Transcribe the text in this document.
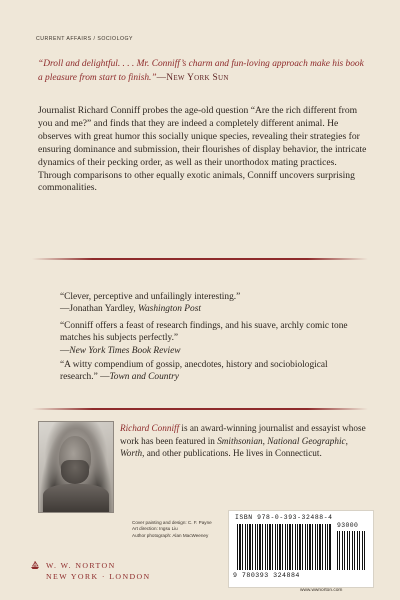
CURRENT AFFAIRS / SOCIOLOGY
“Droll and delightful. . . . Mr. Conniff’s charm and fun-loving approach make his book a pleasure from start to finish.”—New York Sun

Journalist Richard Conniff probes the age-old question “Are the rich different from you and me?” and finds that they are indeed a completely different animal. He observes with great humor this socially unique species, revealing their strategies for ensuring dominance and submission, their flourishes of display behavior, the intricate dynamics of their pecking order, as well as their unorthodox mating practices. Through comparisons to other equally exotic animals, Conniff uncovers surprising commonalities.

“Clever, perceptive and unfailingly interesting.”

—Jonathan Yardley, Washington Post

“Conniff offers a feast of research findings, and his suave, archly comic tone matches his subjects perfectly.”

—New York Times Book Review

“A witty compendium of gossip, anecdotes, history and sociobiological research.” —Town and Country

Richard Conniff is an award-winning journalist and essayist whose work has been featured in Smithsonian, National Geographic, Worth, and other publications. He lives in Connecticut.

Cover painting and design: C. F. Payne
Art direction: Ingsu Liu
Author photograph: Alan MacWeeney
ISBN 978-0-393-32488-4
93000
9 780393 324884
www.wwnorton.com
W. W. NORTON
NEW YORK · LONDON
